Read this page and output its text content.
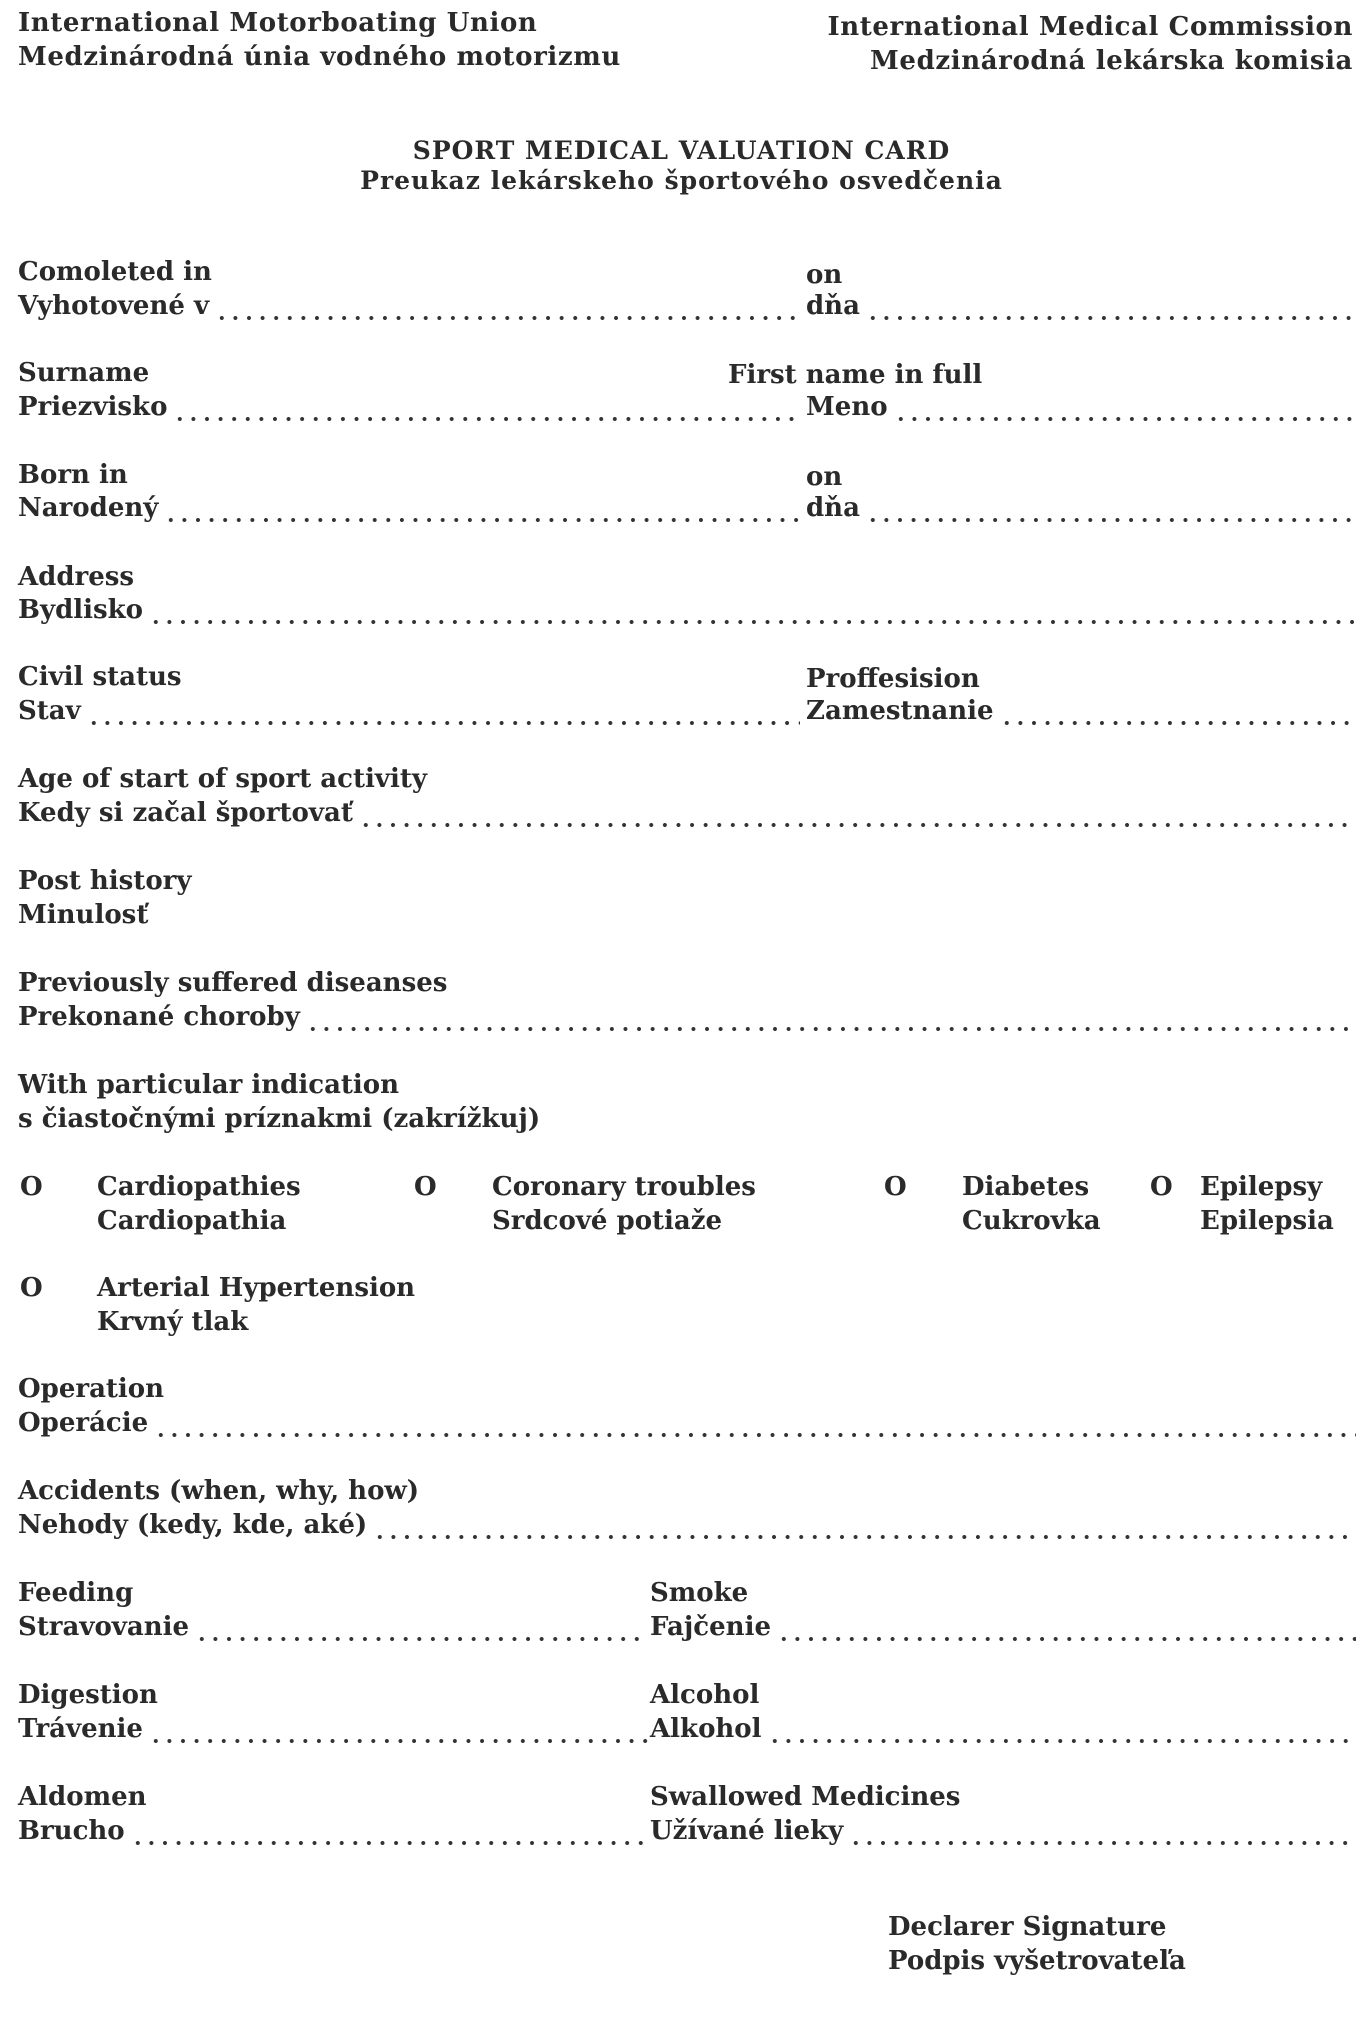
International Motorboating Union
Medzinárodná únia vodného motorizmu
International Medical Commission
Medzinárodná lekárska komisia
SPORT MEDICAL VALUATION CARD
Preukaz lekárskeho športového osvedčenia
Comoleted in
Vyhotovené v
on
dňa
Surname
Priezvisko
First name in full
Meno
Born in
Narodený
on
dňa
Address
Bydlisko
Civil status
Stav
Proffesision
Zamestnanie
Age of start of sport activity
Kedy si začal športovať
Post history
Minulosť
Previously suffered diseanses
Prekonané choroby
With particular indication
s čiastočnými príznakmi (zakrížkuj)
O Cardiopathies
Cardiopathia
O Coronary troubles
Srdcové potiaže
O Diabetes
Cukrovka
O Epilepsy
Epilepsia
O Arterial Hypertension
Krvný tlak
Operation
Operácie
Accidents (when, why, how)
Nehody (kedy, kde, aké)
Feeding
Stravovanie
Smoke
Fajčenie
Digestion
Trávenie
Alcohol
Alkohol
Aldomen
Brucho
Swallowed Medicines
Užívané lieky
Declarer Signature
Podpis vyšetrovateľa
